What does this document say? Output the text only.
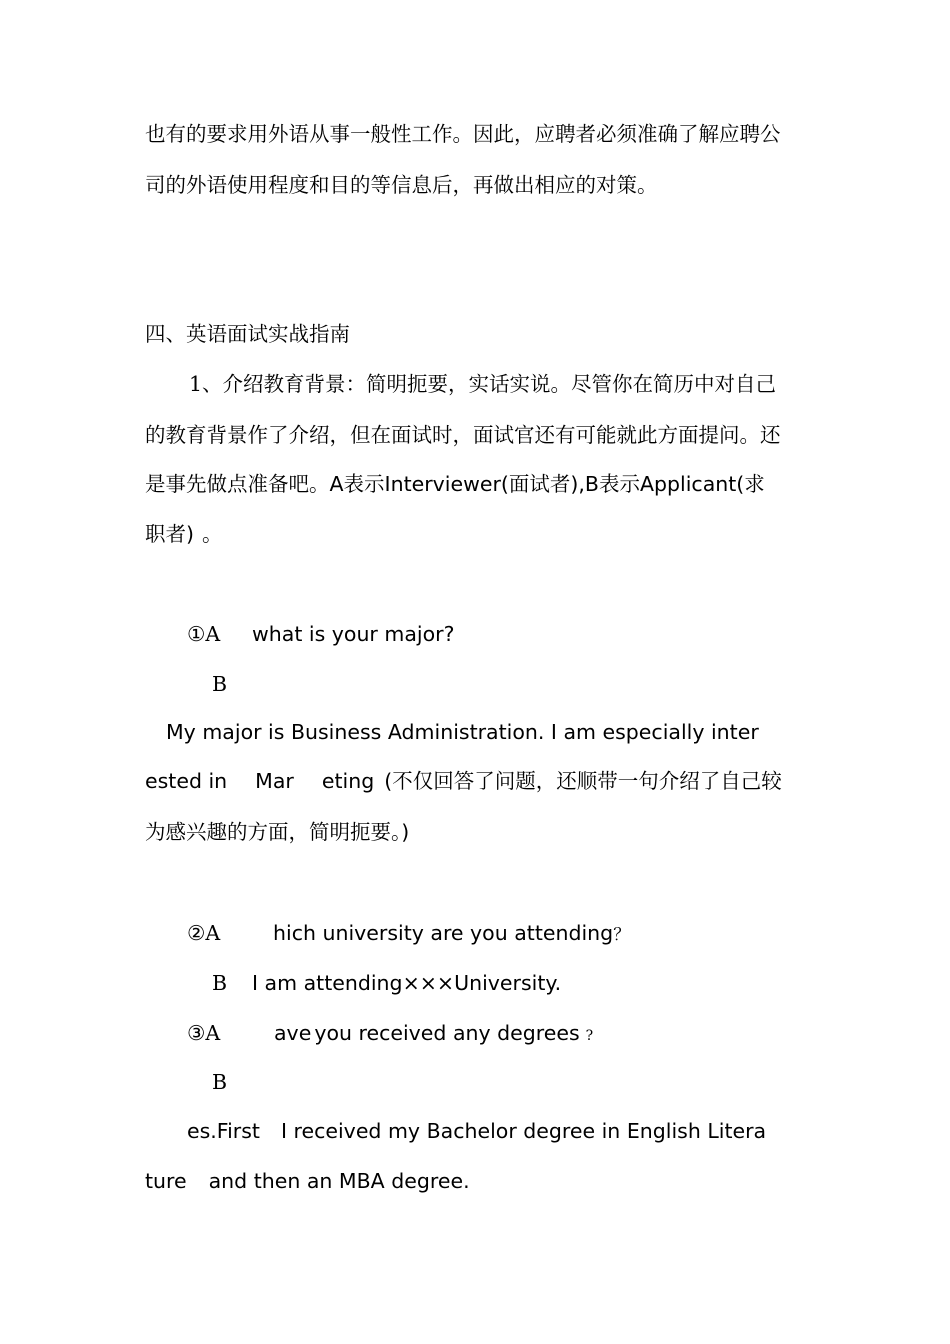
也有的要求用外语从事一般性工作。因此，应聘者必须准确了解应聘公
司的外语使用程度和目的等信息后，再做出相应的对策。
四、英语面试实战指南
1、介绍教育背景：简明扼要，实话实说。尽管你在简历中对自己
的教育背景作了介绍，但在面试时，面试官还有可能就此方面提问。还
是事先做点准备吧。A表示Interviewer(面试者),B表示Applicant(求
职者) 。
①A what is your major?
B
My major is Business Administration. I am especially inter
ested in Mar eting (不仅回答了问题，还顺带一句介绍了自己较
为感兴趣的方面，简明扼要。)
②A	hich university are you attending？
B I am attending×××University.
③A	ave you received any degrees ?
B
es.First I received my Bachelor degree in English Litera
ture and then an MBA degree.
